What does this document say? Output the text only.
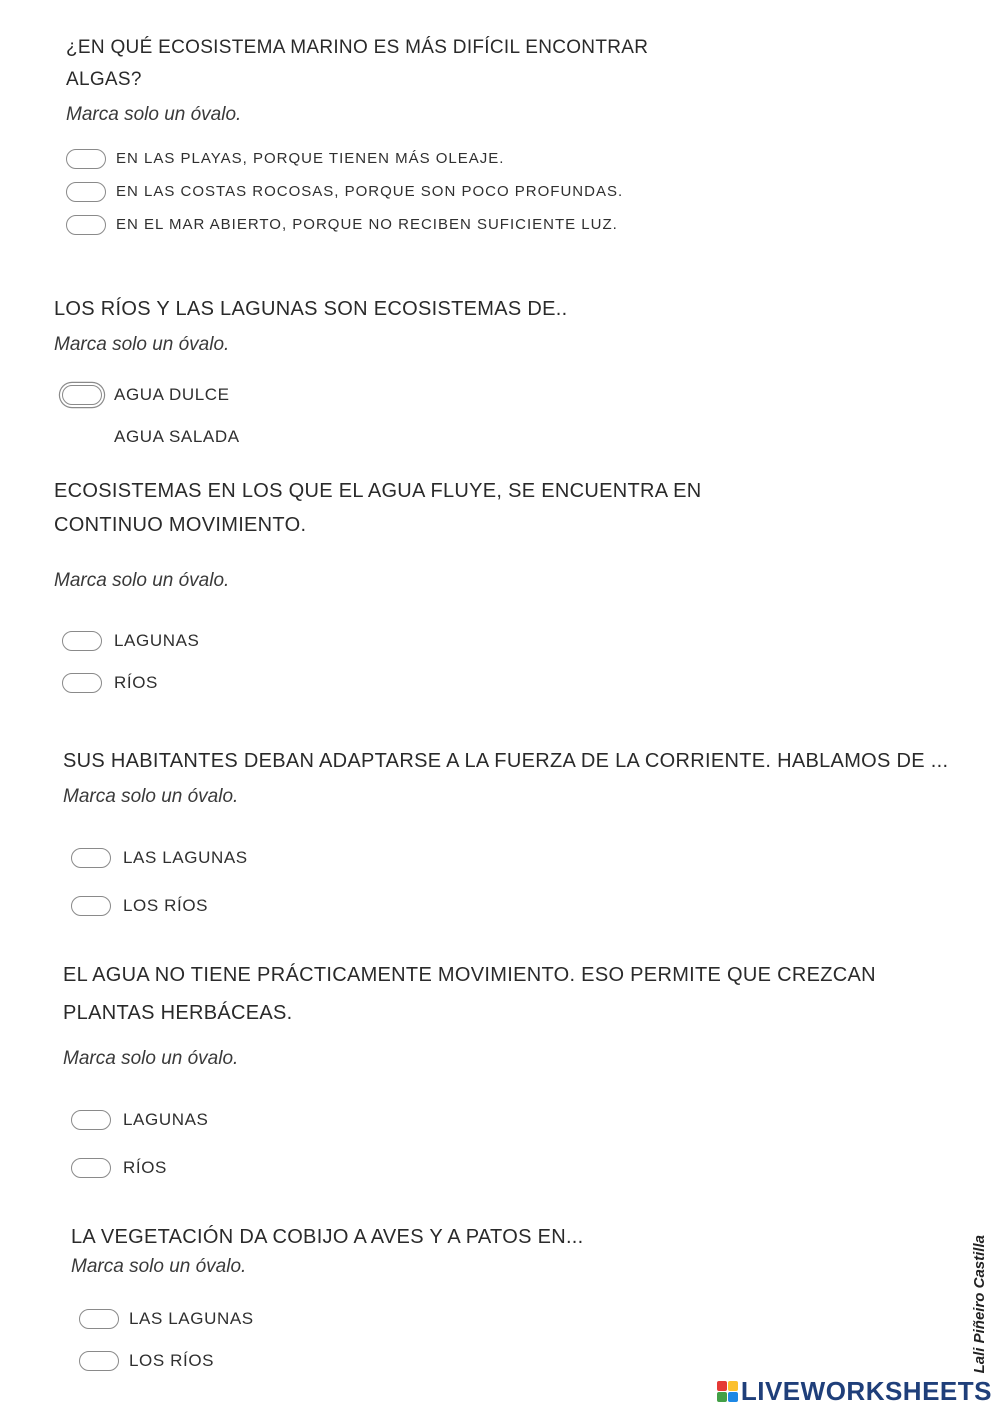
¿EN QUÉ ECOSISTEMA MARINO ES MÁS DIFÍCIL ENCONTRAR
ALGAS?
Marca solo un óvalo.
EN LAS PLAYAS, PORQUE TIENEN MÁS OLEAJE.
EN LAS COSTAS ROCOSAS, PORQUE SON POCO PROFUNDAS.
EN EL MAR ABIERTO, PORQUE NO RECIBEN SUFICIENTE LUZ.
LOS RÍOS Y LAS LAGUNAS SON ECOSISTEMAS DE..
Marca solo un óvalo.
AGUA DULCE
AGUA SALADA
ECOSISTEMAS EN LOS QUE EL AGUA FLUYE, SE ENCUENTRA EN
CONTINUO MOVIMIENTO.
Marca solo un óvalo.
LAGUNAS
RÍOS
SUS HABITANTES DEBAN ADAPTARSE A LA FUERZA DE LA CORRIENTE. HABLAMOS DE ...
Marca solo un óvalo.
LAS LAGUNAS
LOS RÍOS
EL AGUA NO TIENE PRÁCTICAMENTE MOVIMIENTO. ESO PERMITE QUE CREZCAN
PLANTAS HERBÁCEAS.
Marca solo un óvalo.
LAGUNAS
RÍOS
LA VEGETACIÓN DA COBIJO A AVES Y A PATOS EN...
Marca solo un óvalo.
LAS LAGUNAS
LOS RÍOS	Lali Piñeiro Castilla
LIVEWORKSHEETS
